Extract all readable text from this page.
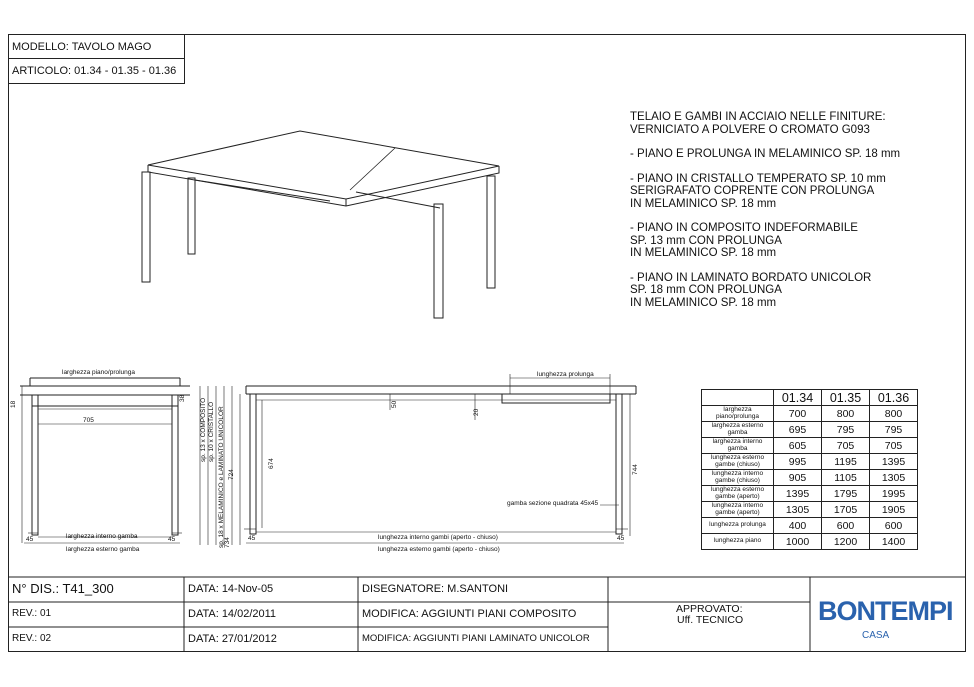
MODELLO: TAVOLO MAGO
ARTICOLO: 01.34 - 01.35 - 01.36

TELAIO E GAMBI IN ACCIAIO NELLE FINITURE:
VERNICIATO A POLVERE O CROMATO G093

- PIANO E PROLUNGA IN MELAMINICO SP. 18 mm

- PIANO IN CRISTALLO TEMPERATO SP. 10 mm
SERIGRAFATO COPRENTE CON PROLUNGA
IN MELAMINICO SP. 18 mm

- PIANO IN COMPOSITO INDEFORMABILE
SP. 13 mm CON PROLUNGA
IN MELAMINICO SP. 18 mm

- PIANO IN LAMINATO BORDATO UNICOLOR
SP. 18 mm CON PROLUNGA
IN MELAMINICO SP. 18 mm

larghezza piano/prolunga
705
18
38
45	45
larghezza interno gamba
larghezza esterno gamba
sp. 13 x COMPOSITO sp. 10 x CRISTALLO sp. 18 x MELAMINICO e LAMINATO UNICOLOR 724
734
674
744
50
20
lunghezza prolunga
gamba sezione quadrata 45x45
lunghezza interno gambi (aperto - chiuso)
lunghezza esterno gambi (aperto - chiuso)
45	45
	01.34	01.35	01.36
larghezza piano/prolunga	700	800	800
larghezza esterno gamba	695	795	795
larghezza interno gamba	605	705	705
lunghezza esterno gambe (chiuso)	995	1195	1395
lunghezza interno gambe (chiuso)	905	1105	1305
lunghezza esterno gambe (aperto)	1395	1795	1995
lunghezza interno gambe (aperto)	1305	1705	1905
lunghezza prolunga	400	600	600
lunghezza piano	1000	1200	1400
N° DIS.: T41_300	DATA: 14-Nov-05	DISEGNATORE: M.SANTONI
REV.: 01	DATA: 14/02/2011	MODIFICA: AGGIUNTI PIANI COMPOSITO	APPROVATO:
Uff. TECNICO
REV.: 02	DATA: 27/01/2012	MODIFICA: AGGIUNTI PIANI LAMINATO UNICOLOR
BONTEMPI
CASA
